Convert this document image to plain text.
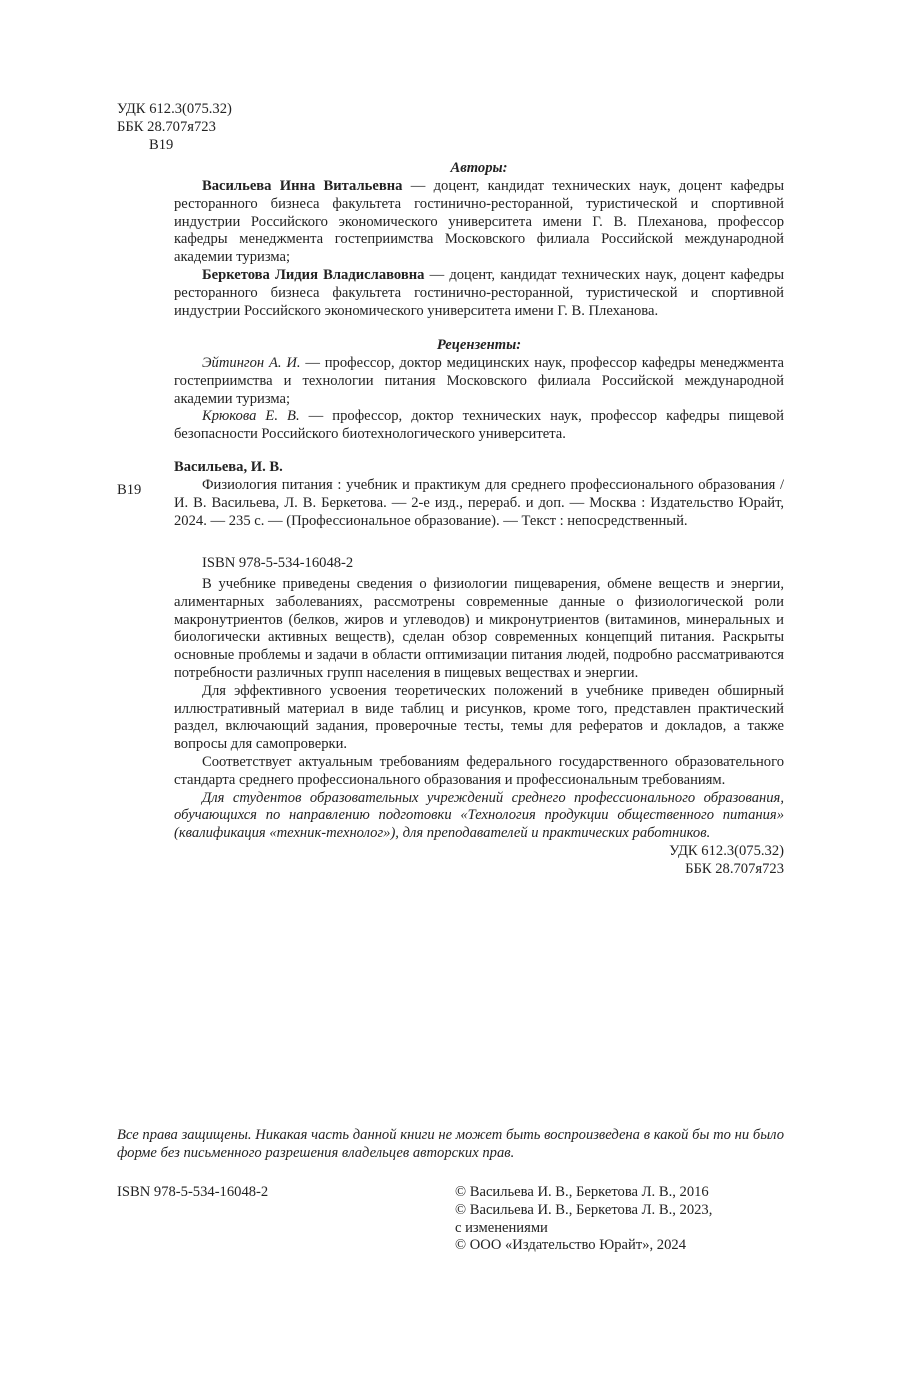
УДК 612.3(075.32)
ББК 28.707я723
В19
Авторы:

Васильева Инна Витальевна — доцент, кандидат технических наук, доцент кафедры ресторанного бизнеса факультета гостинично-ресторанной, туристической и спортивной индустрии Российского экономического университета имени Г. В. Плеханова, профессор кафедры менеджмента гостеприимства Московского филиала Российской международной академии туризма;

Беркетова Лидия Владиславовна — доцент, кандидат технических наук, доцент кафедры ресторанного бизнеса факультета гостинично-ресторанной, туристической и спортивной индустрии Российского экономического университета имени Г. В. Плеханова.

Рецензенты:

Эйтингон А. И. — профессор, доктор медицинских наук, профессор кафедры менеджмента гостеприимства и технологии питания Московского филиала Российской международной академии туризма;

Крюкова Е. В. — профессор, доктор технических наук, профессор кафедры пищевой безопасности Российского биотехнологического университета.

Васильева, И. В.
В19	Физиология питания : учебник и практикум для среднего профессионального образования / И. В. Васильева, Л. В. Беркетова. — 2-е изд., перераб. и доп. — Москва : Издательство Юрайт, 2024. — 235 с. — (Профессиональное образование). — Текст : непосредственный.

ISBN 978-5-534-16048-2

В учебнике приведены сведения о физиологии пищеварения, обмене веществ и энергии, алиментарных заболеваниях, рассмотрены современные данные о физиологической роли макронутриентов (белков, жиров и углеводов) и микронутриентов (витаминов, минеральных и биологически активных веществ), сделан обзор современных концепций питания. Раскрыты основные проблемы и задачи в области оптимизации питания людей, подробно рассматриваются потребности различных групп населения в пищевых веществах и энергии.

Для эффективного усвоения теоретических положений в учебнике приведен обширный иллюстративный материал в виде таблиц и рисунков, кроме того, представлен практический раздел, включающий задания, проверочные тесты, темы для рефератов и докладов, а также вопросы для самопроверки.

Соответствует актуальным требованиям федерального государственного образовательного стандарта среднего профессионального образования и профессиональным требованиям.

Для студентов образовательных учреждений среднего профессионального образования, обучающихся по направлению подготовки «Технология продукции общественного питания» (квалификация «техник-технолог»), для преподавателей и практических работников.

УДК 612.3(075.32)
ББК 28.707я723

Все права защищены. Никакая часть данной книги не может быть воспроизведена в какой бы то ни было форме без письменного разрешения владельцев авторских прав.

ISBN 978-5-534-16048-2	© Васильева И. В., Беркетова Л. В., 2016
© Васильева И. В., Беркетова Л. В., 2023,
с изменениями
© ООО «Издательство Юрайт», 2024
